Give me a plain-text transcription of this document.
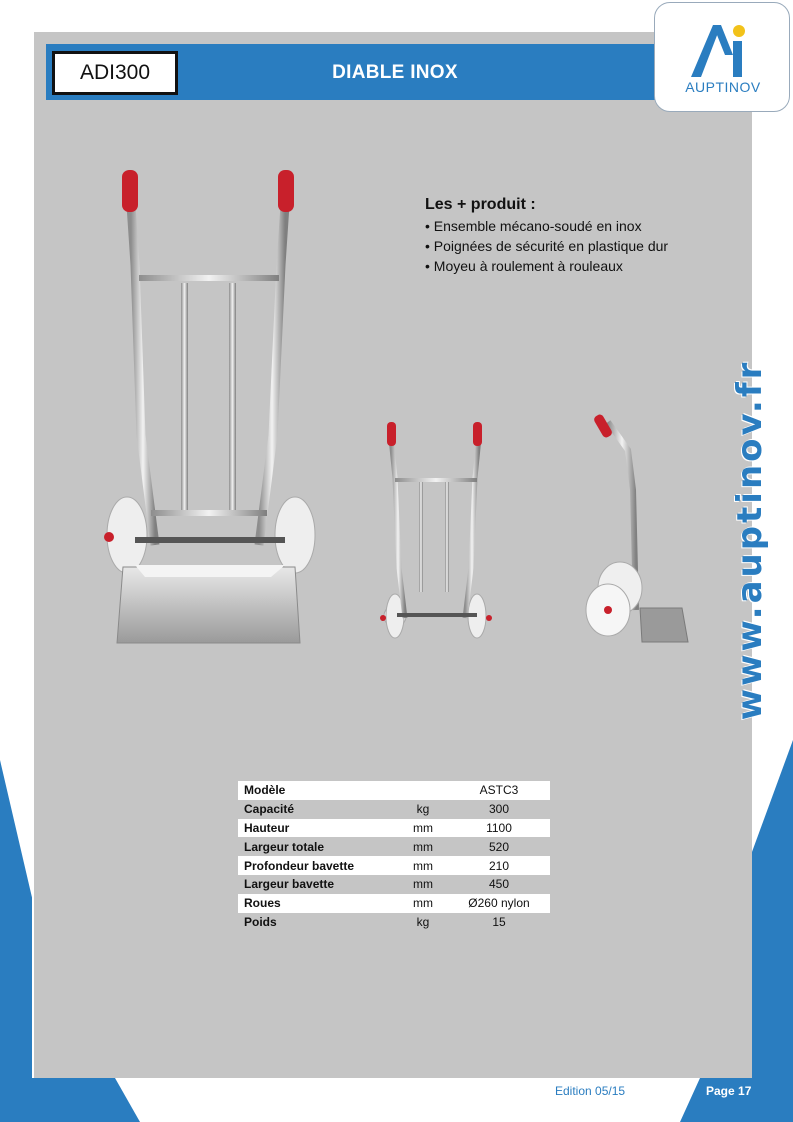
ADI300	DIABLE INOX
AUPTINOV
www.auptinov.fr
Les + produit :
• Ensemble mécano-soudé en inox
• Poignées de sécurité en plastique dur
• Moyeu à roulement à rouleaux
Modèle		ASTC3
Capacité	kg	300
Hauteur	mm	1100
Largeur totale	mm	520
Profondeur bavette	mm	210
Largeur bavette	mm	450
Roues	mm	Ø260 nylon
Poids	kg	15
Edition 05/15	Page 17
